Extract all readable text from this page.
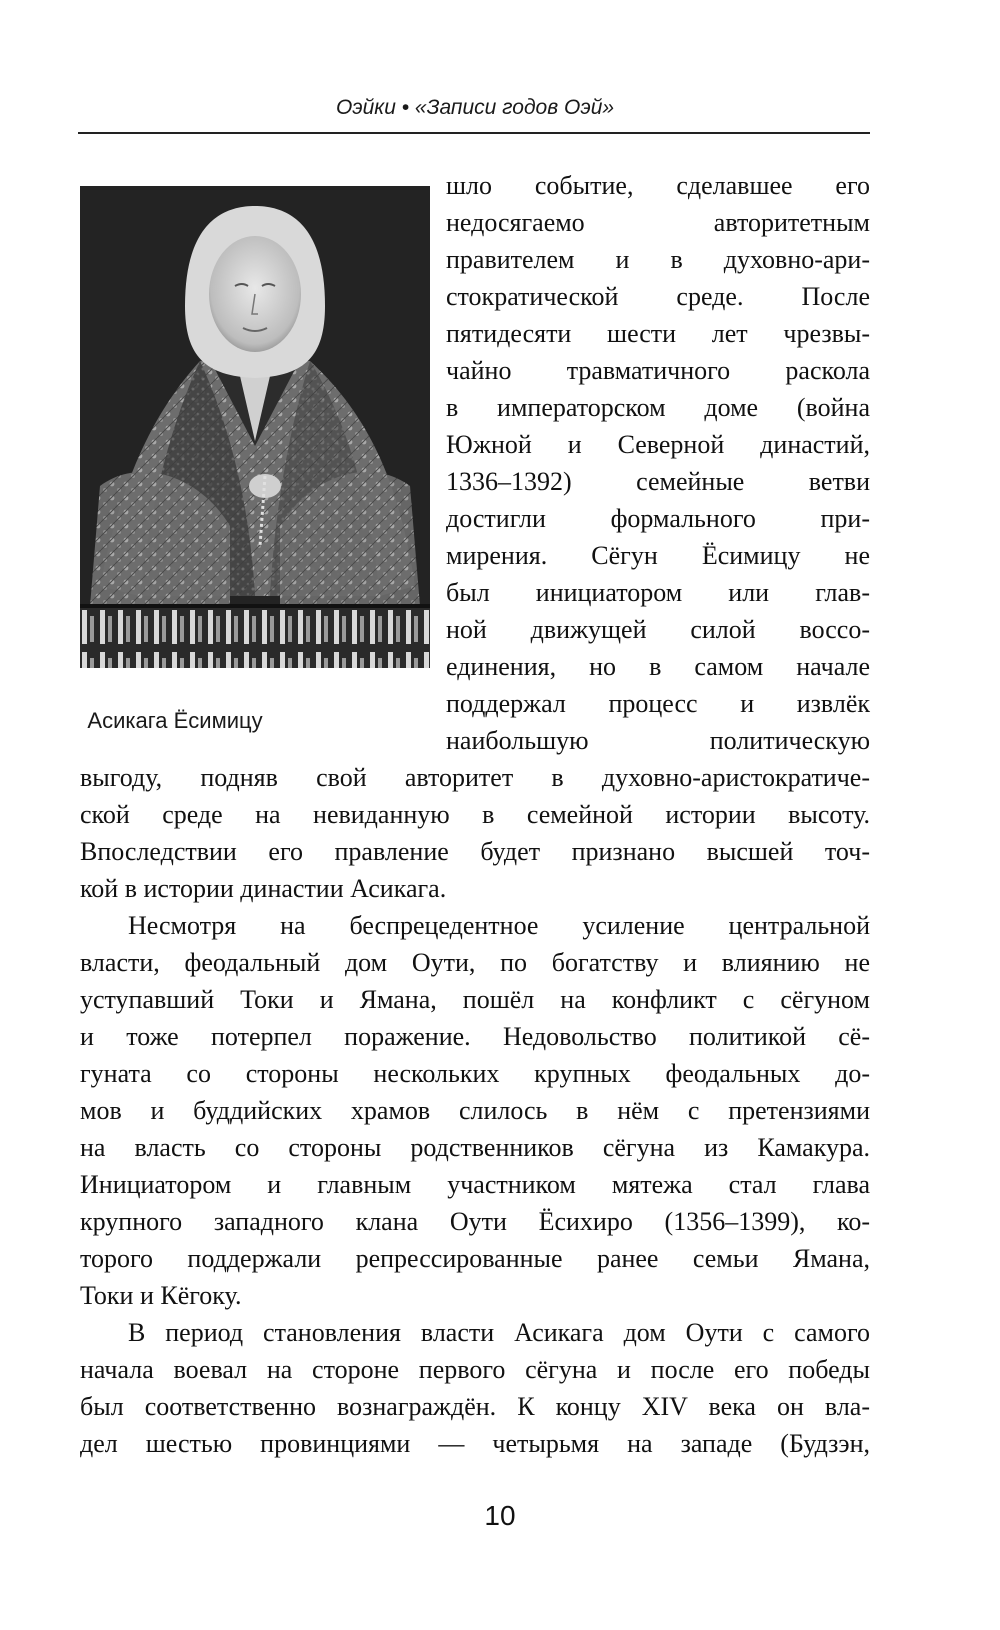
Оэйки • «Записи годов Оэй»
Асикага Ёсимицу
шло событие, сделавшее его
недосягаемо авторитетным
правителем и в духовно-ари-
стократической среде. После
пятидесяти шести лет чрезвы-
чайно травматичного раскола
в императорском доме (война
Южной и Северной династий,
1336–1392) семейные ветви
достигли формального при-
мирения. Сёгун Ёсимицу не
был инициатором или глав-
ной движущей силой воссо-
единения, но в самом начале
поддержал процесс и извлёк
наибольшую политическую
выгоду, подняв свой авторитет в духовно-аристократиче-
ской среде на невиданную в семейной истории высоту.
Впоследствии его правление будет признано высшей точ-
кой в истории династии Асикага.
Несмотря на беспрецедентное усиление центральной
власти, феодальный дом Оути, по богатству и влиянию не
уступавший Токи и Ямана, пошёл на конфликт с сёгуном
и тоже потерпел поражение. Недовольство политикой сё-
гуната со стороны нескольких крупных феодальных до-
мов и буддийских храмов слилось в нём с претензиями
на власть со стороны родственников сёгуна из Камакура.
Инициатором и главным участником мятежа стал глава
крупного западного клана Оути Ёсихиро (1356–1399), ко-
торого поддержали репрессированные ранее семьи Ямана,
Токи и Кёгоку.
В период становления власти Асикага дом Оути с самого
начала воевал на стороне первого сёгуна и после его победы
был соответственно вознаграждён. К концу XIV века он вла-
дел шестью провинциями — четырьмя на западе (Будзэн,
10
